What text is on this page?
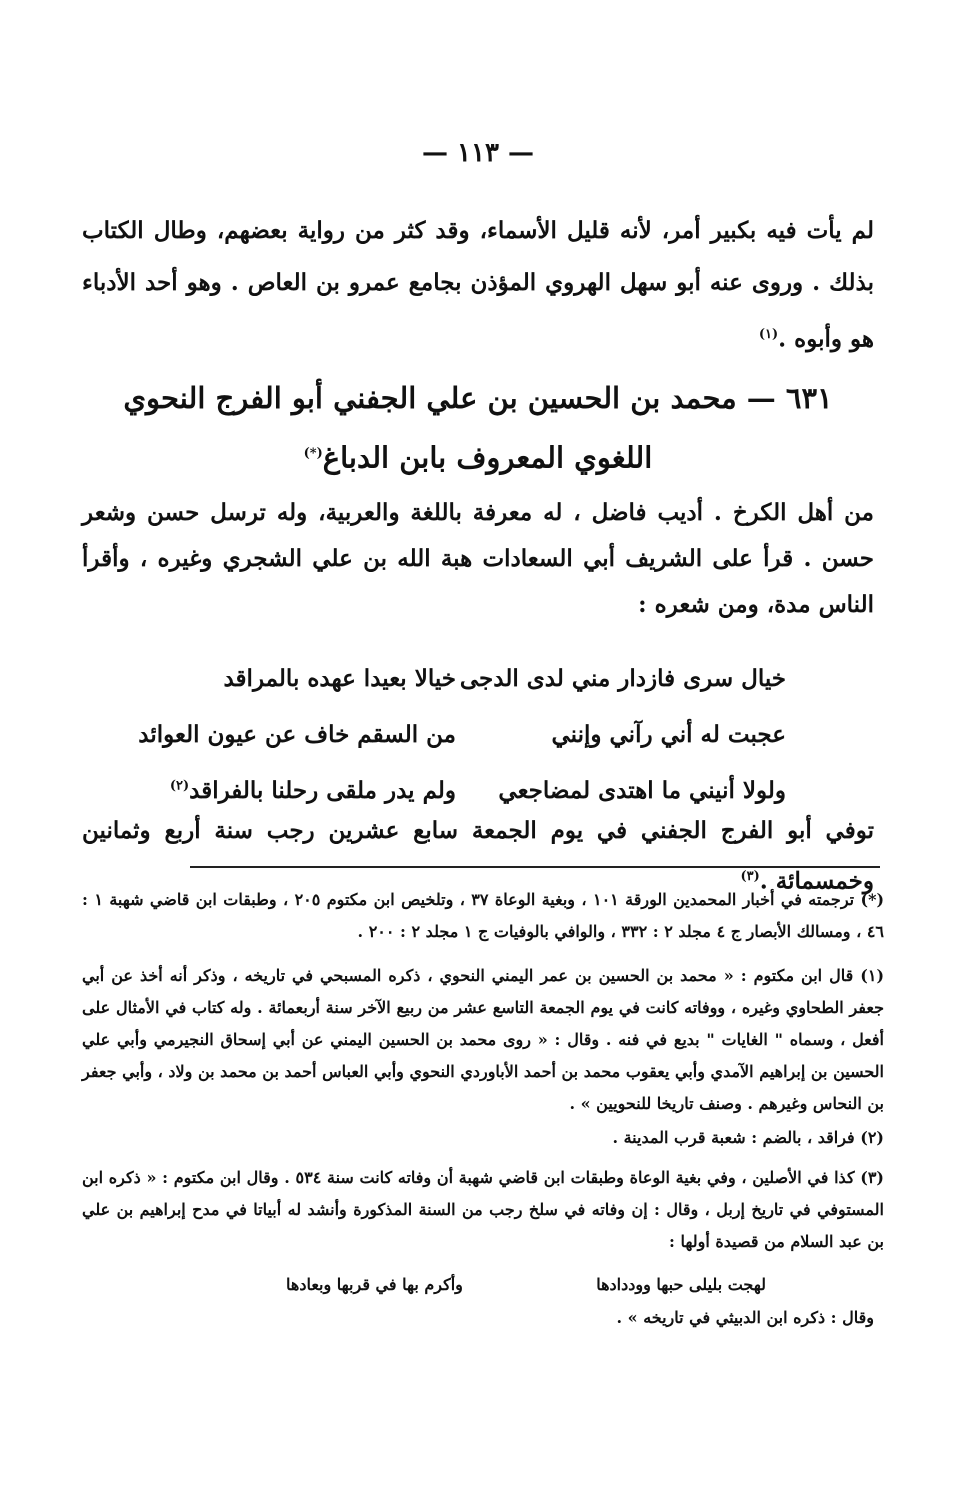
— ١١٣ —
لم يأت فيه بكبير أمر، لأنه قليل الأسماء، وقد كثر من رواية بعضهم، وطال الكتاب بذلك . وروى عنه أبو سهل الهروي المؤذن بجامع عمرو بن العاص . وهو أحد الأدباء هو وأبوه .$^{(١)}$
٦٣١ — محمد بن الحسين بن علي الجفني أبو الفرج النحوي
اللغوي المعروف بابن الدباغ(*)
من أهل الكرخ . أديب فاضل ، له معرفة باللغة والعربية، وله ترسل حسن وشعر حسن . قرأ على الشريف أبي السعادات هبة الله بن علي الشجري وغيره ، وأقرأ الناس مدة، ومن شعره :
خيال سرى فازدار مني لدى الدجى
خيالا بعيدا عهده بالمراقد
عجبت له أني رآني وإنني
من السقم خاف عن عيون العوائد
ولولا أنيني ما اهتدى لمضاجعي
ولم يدر ملقى رحلنا بالفراقد$^{(٢)}$
توفي أبو الفرج الجفني في يوم الجمعة سابع عشرين رجب سنة أربع وثمانين وخمسمائة .$^{(٣)}$
(*) ترجمته في أخبار المحمدين الورقة ١٠١ ، وبغية الوعاة ٣٧ ، وتلخيص ابن مكتوم ٢٠٥ ، وطبقات ابن قاضي شهبة ١ : ٤٦ ، ومسالك الأبصار ج ٤ مجلد ٢ : ٣٣٢ ، والوافي بالوفيات ج ١ مجلد ٢ : ٢٠٠ .
(١) قال ابن مكتوم : « محمد بن الحسين بن عمر اليمني النحوي ، ذكره المسبحي في تاريخه ، وذكر أنه أخذ عن أبي جعفر الطحاوي وغيره ، ووفاته كانت في يوم الجمعة التاسع عشر من ربيع الآخر سنة أربعمائة . وله كتاب في الأمثال على أفعل ، وسماه " الغايات " بديع في فنه . وقال : « روى محمد بن الحسين اليمني عن أبي إسحاق النجيرمي وأبي علي الحسين بن إبراهيم الآمدي وأبي يعقوب محمد بن أحمد الأباوردي النحوي وأبي العباس أحمد بن محمد بن ولاد ، وأبي جعفر بن النحاس وغيرهم . وصنف تاريخا للنحويين » .
(٢) فراقد ، بالضم : شعبة قرب المدينة .
(٣) كذا في الأصلين ، وفي بغية الوعاة وطبقات ابن قاضي شهبة أن وفاته كانت سنة ٥٣٤ . وقال ابن مكتوم : « ذكره ابن المستوفي في تاريخ إربل ، وقال : إن وفاته في سلخ رجب من السنة المذكورة وأنشد له أبياتا في مدح إبراهيم بن علي بن عبد السلام من قصيدة أولها :
لهجت بليلى حبها ووددادها
وأكرم بها في قربها وبعادها
وقال : ذكره ابن الدبيثي في تاريخه » .
